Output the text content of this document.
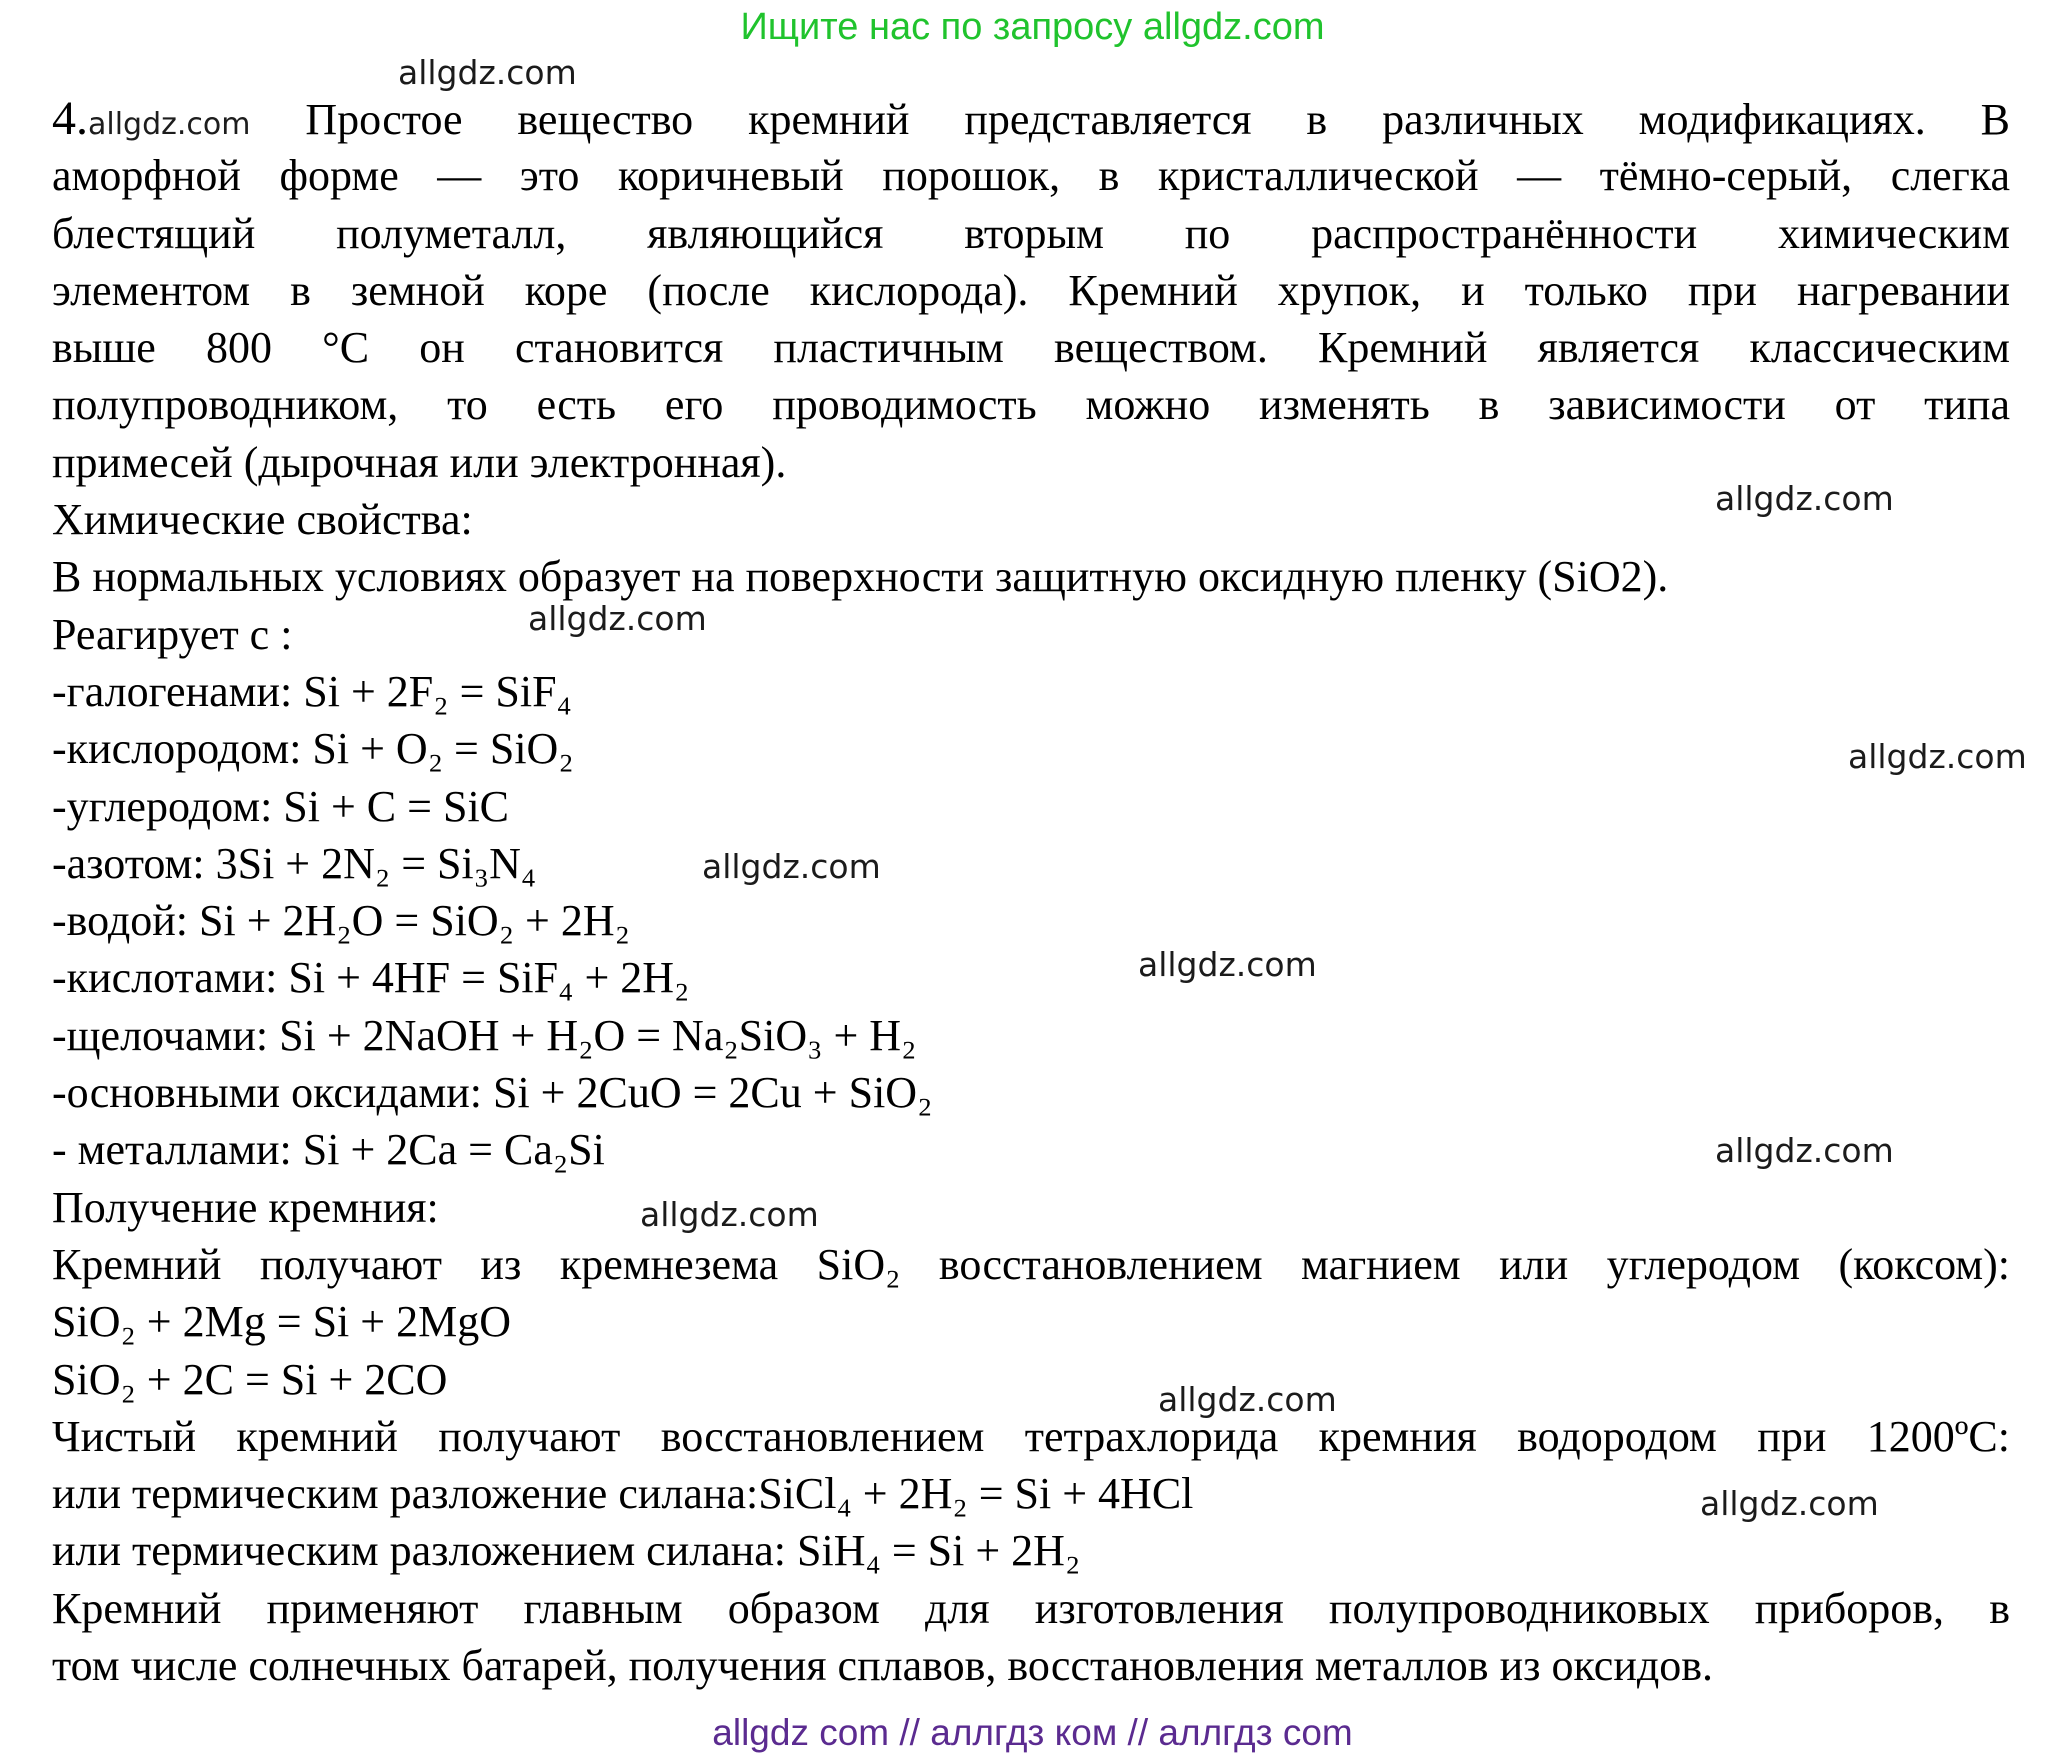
Ищите нас по запросу allgdz.com
allgdz.com
allgdz.com
allgdz.com
allgdz.com
allgdz.com
allgdz.com
allgdz.com
allgdz.com
allgdz.com
allgdz.com
4.allgdz.com Простое вещество кремний представляется в различных модификациях. В
аморфной форме — это коричневый порошок, в кристаллической — тёмно-серый, слегка
блестящий полуметалл, являющийся вторым по распространённости химическим
элементом в земной коре (после кислорода). Кремний хрупок, и только при нагревании
выше 800 °С он становится пластичным веществом. Кремний является классическим
полупроводником, то есть его проводимость можно изменять в зависимости от типа
примесей (дырочная или электронная).
Химические свойства:
В нормальных условиях образует на поверхности защитную оксидную пленку (SiO2).
Реагирует с :
-галогенами: Si + 2F₂ = SiF₄
-кислородом: Si + O₂ = SiO₂
-углеродом: Si + C = SiC
-азотом: 3Si + 2N₂ = Si₃N₄
-водой: Si + 2H₂O = SiO₂ + 2H₂
-кислотами: Si + 4HF = SiF₄ + 2H₂
-щелочами: Si + 2NaOH + H₂O = Na₂SiO₃ + H₂
-основными оксидами: Si + 2CuO = 2Cu + SiO₂
- металлами: Si + 2Ca = Ca₂Si
Получение кремния:
Кремний получают из кремнезема SiO₂ восстановлением магнием или углеродом (коксом):
SiO₂ + 2Mg = Si + 2MgO
SiO₂ + 2C = Si + 2CO
Чистый кремний получают восстановлением тетрахлорида кремния водородом при 1200ºС:
или термическим разложение силана:SiCl₄ + 2H₂ = Si + 4HCl
или термическим разложением силана: SiH₄ = Si + 2H₂
Кремний применяют главным образом для изготовления полупроводниковых приборов, в
том числе солнечных батарей, получения сплавов, восстановления металлов из оксидов.
allgdz com // аллгдз ком // аллгдз com
